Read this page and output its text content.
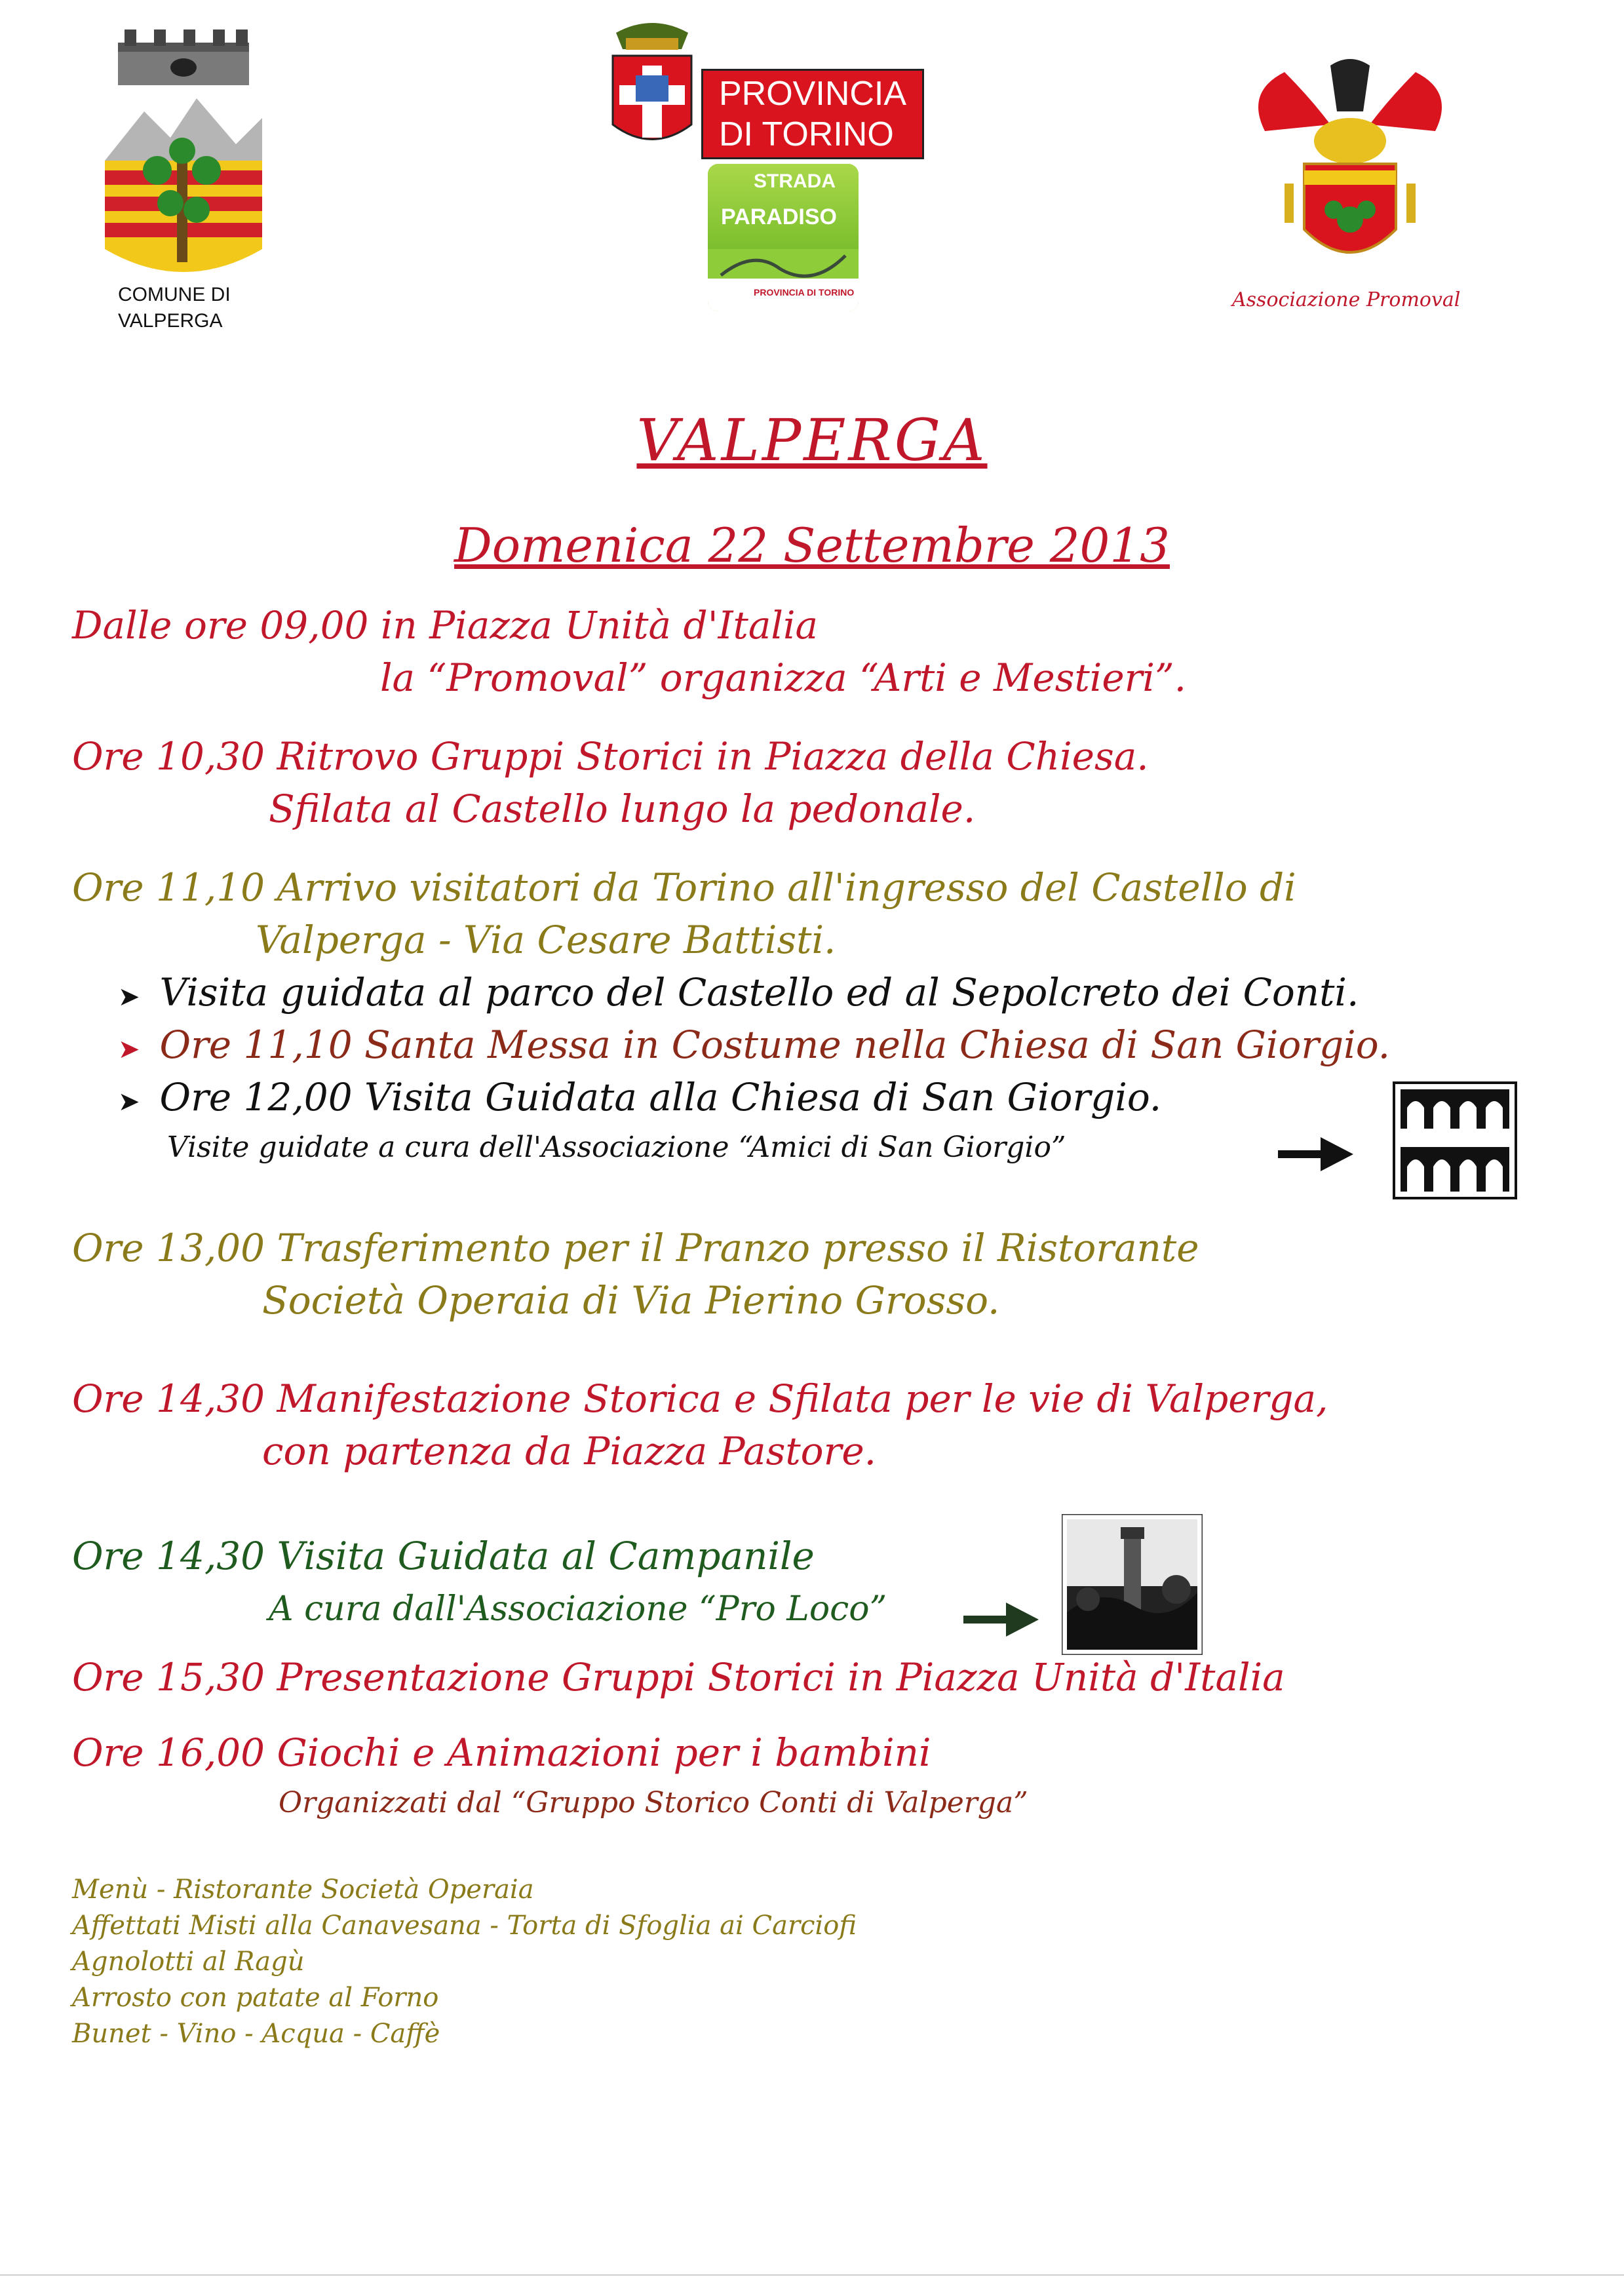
COMUNE DI
VALPERGA
PROVINCIA
DI TORINO
STRADA
PARADISO
PROVINCIA DI TORINO	Associazione Promoval
VALPERGA
Domenica 22 Settembre 2013
Dalle ore 09,00 in Piazza Unità d'Italia
la “Promoval” organizza “Arti e Mestieri”.
Ore 10,30 Ritrovo Gruppi Storici in Piazza della Chiesa.
Sfilata al Castello lungo la pedonale.
Ore 11,10 Arrivo visitatori da Torino all'ingresso del Castello di
Valperga - Via Cesare Battisti.
➤ Visita guidata al parco del Castello ed al Sepolcreto dei Conti.
➤ Ore 11,10 Santa Messa in Costume nella Chiesa di San Giorgio.
➤ Ore 12,00 Visita Guidata alla Chiesa di San Giorgio.
Visite guidate a cura dell'Associazione “Amici di San Giorgio”
Ore 13,00 Trasferimento per il Pranzo presso il Ristorante
Società Operaia di Via Pierino Grosso.
Ore 14,30 Manifestazione Storica e Sfilata per le vie di Valperga,
con partenza da Piazza Pastore.
Ore 14,30 Visita Guidata al Campanile
A cura dall'Associazione “Pro Loco”
Ore 15,30 Presentazione Gruppi Storici in Piazza Unità d'Italia
Ore 16,00 Giochi e Animazioni per i bambini
Organizzati dal “Gruppo Storico Conti di Valperga”
Menù - Ristorante Società Operaia
Affettati Misti alla Canavesana - Torta di Sfoglia ai Carciofi
Agnolotti al Ragù
Arrosto con patate al Forno
Bunet - Vino - Acqua - Caffè
